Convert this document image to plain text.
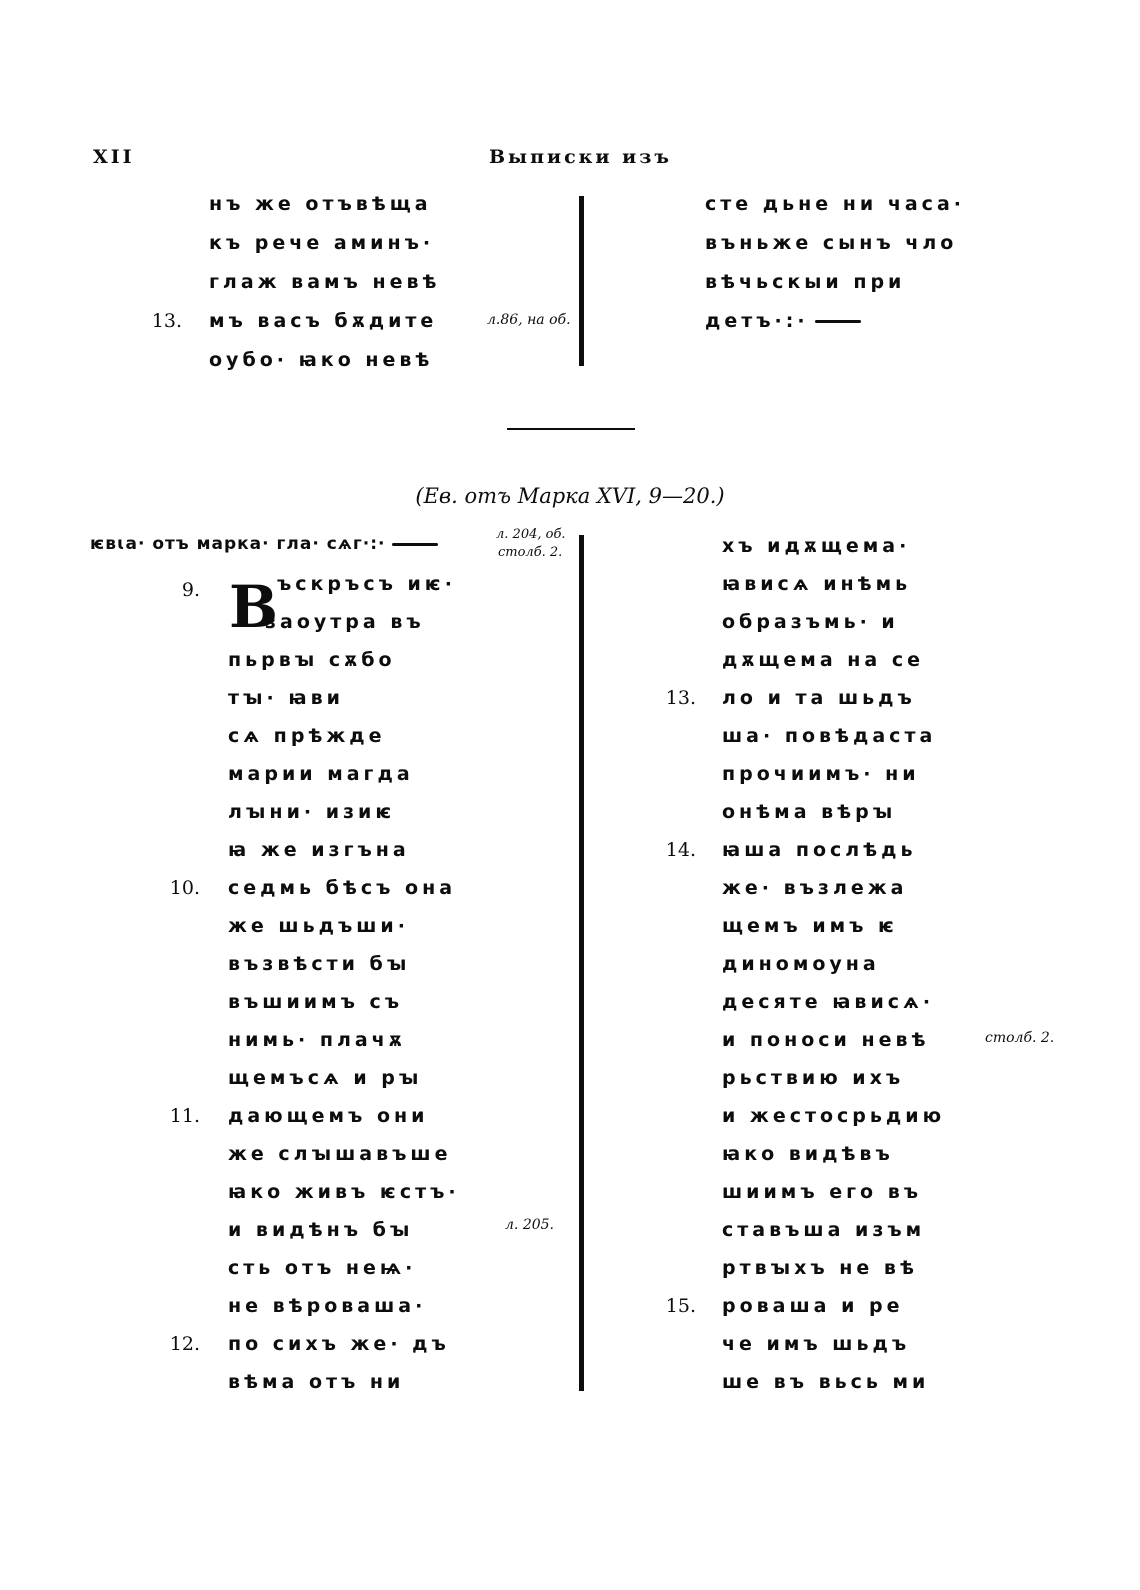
XII	Выписки изъ
нъ же отъвѣща
къ рече аминъ·
глаж вамъ невѣ
мъ васъ бѫдите
оубо· ꙗко невѣ
13.	л.86, на об.
сте дьне ни часа·
въньже сынъ чло
вѣчьскыи при
детъ·:·
(Ев. отъ Марка XVI, 9—20.)
ѥвꙇа· отъ марка· гла· сѧг·:·	л. 204, об.
столб. 2.
л. 205.
столб. 2.
В
ъскръсъ иѥ·
заоутра въ
пьрвꙑ сѫбо
тꙑ· ꙗви
сѧ прѣжде
марии магда
лꙑни· изиѥ
ꙗ же изгъна
седмь бѣсъ она
же шьдъши·
възвѣсти бꙑ
въшиимъ съ
нимь· плачѫ
щемъсѧ и рꙑ
дающемъ они
же слꙑшавъше
ꙗко живъ ѥстъ·
и видѣнъ бꙑ
сть отъ неѩ·
не вѣроваша·
по сихъ же· дъ
вѣма отъ ни
9.
10.
11.
12.
хъ идѫщема·
ꙗвисѧ инѣмь
образъмь· и
дѫщема на се
ло и та шьдъ
ша· повѣдаста
прочиимъ· ни
онѣма вѣрꙑ
ꙗша послѣдь
же· възлежа
щемъ имъ ѥ
диномоуна
десяте ꙗвисѧ·
и поноси невѣ
рьствию ихъ
и жестосрьдию
ꙗко видѣвъ
шиимъ его въ
ставъша изъм
ртвꙑхъ не вѣ
роваша и ре
че имъ шьдъ
ше въ вьсь ми
13.
14.
15.
